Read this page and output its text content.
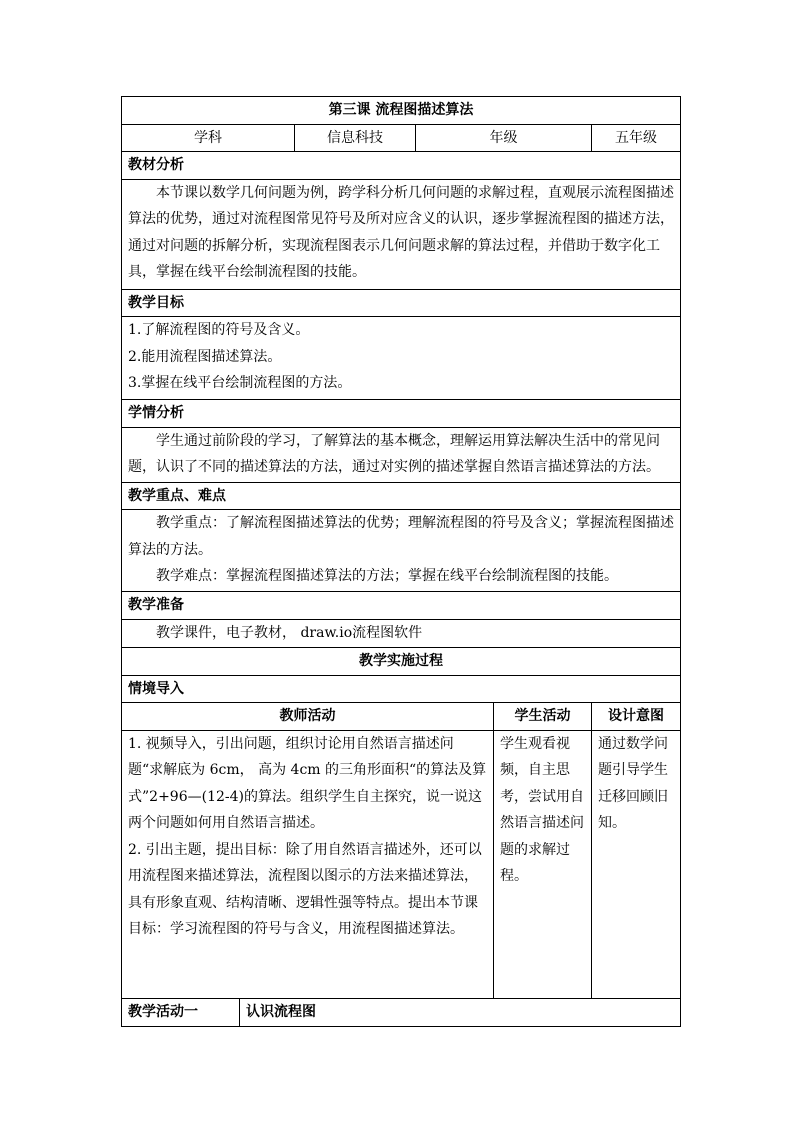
第三课 流程图描述算法					
学科		信息科技	年级		五年级
教材分析					

本节课以数学几何问题为例，跨学科分析几何问题的求解过程，直观展示流程图描述算法的优势，通过对流程图常见符号及所对应含义的认识，逐步掌握流程图的描述方法，通过对问题的拆解分析，实现流程图表示几何问题求解的算法过程，并借助于数字化工具，掌握在线平台绘制流程图的技能。					

教学目标					

1.了解流程图的符号及含义。

2.能用流程图描述算法。

3.掌握在线平台绘制流程图的方法。					

学情分析					

学生通过前阶段的学习，了解算法的基本概念，理解运用算法解决生活中的常见问题，认识了不同的描述算法的方法，通过对实例的描述掌握自然语言描述算法的方法。					

教学重点、难点					

教学重点：了解流程图描述算法的优势；理解流程图的符号及含义；掌握流程图描述算法的方法。

教学难点：掌握流程图描述算法的方法；掌握在线平台绘制流程图的技能。					

教学准备					

教学课件，电子教材， draw.io流程图软件					

教学实施过程					
情境导入					
教师活动				学生活动	设计意图

1. 视频导入，引出问题，组织讨论用自然语言描述问题“求解底为 6cm， 高为 4cm 的三角形面积“的算法及算式”2+96—(12-4)的算法。组织学生自主探究，说一说这两个问题如何用自然语言描述。

2. 引出主题，提出目标：除了用自然语言描述外，还可以用流程图来描述算法，流程图以图示的方法来描述算法，具有形象直观、结构清晰、逻辑性强等特点。提出本节课目标：学习流程图的符号与含义，用流程图描述算法。				学生观看视频，自主思考，尝试用自然语言描述问题的求解过程。	通过数学问题引导学生迁移回顾旧知。

教学活动一	认识流程图				
